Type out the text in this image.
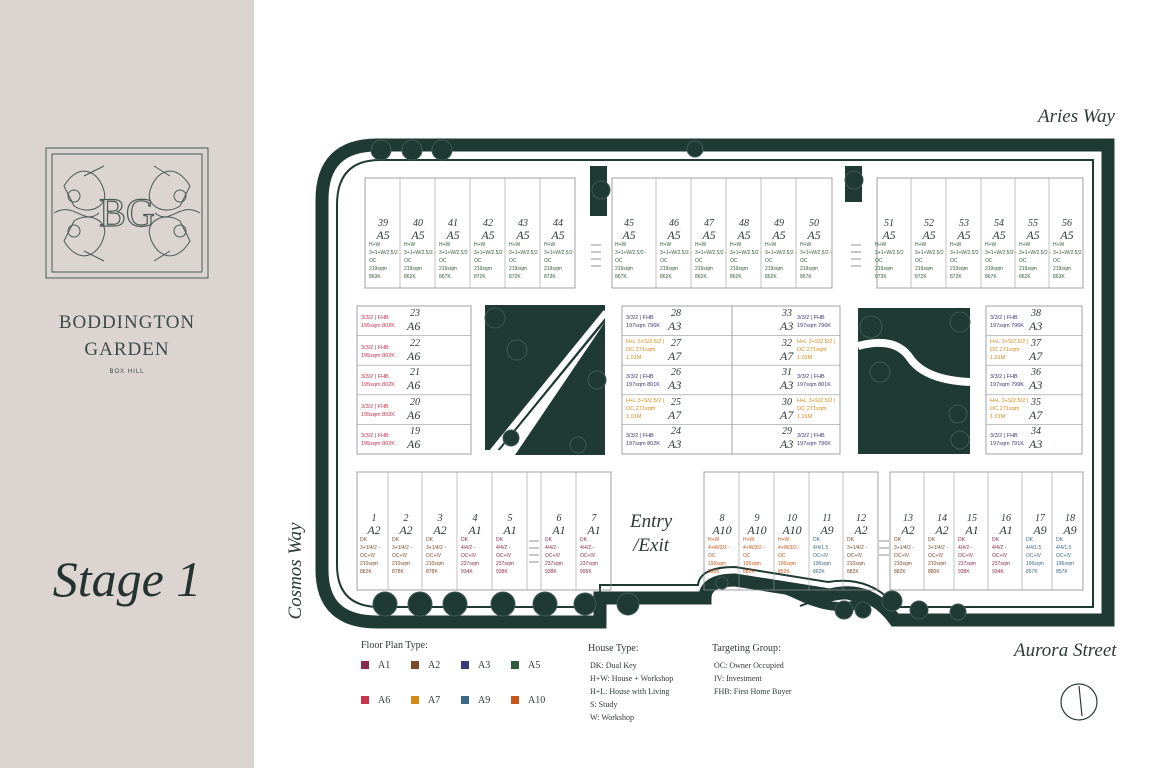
BG
BODDINGTON
GARDEN
BOX HILL
Stage 1
Aries Way
Aurora Street
Cosmos Way
Entry
/Exit
39
A5
H+W
3+1+W/2.5/2
OC
219sqm
863K
40
A5
H+W
3+1+W/2.5/2 -
OC
219sqm
862K
41
A5
H+W
3+1+W/2.5/2
OC
219sqm
867K
42
A5
H+W
3+1+W/2.5/2
OC
219sqm
872K
43
A5
H+W
3+1+W/2.5/2
OC
219sqm
872K
44
A5
H+W
3+1+W/2.5/2
OC
219sqm
873K
45
A5
H+W
3+1+W/2.5/2 -
OC
219sqm
867K
46
A5
H+W
3+1+W/2.5/2 -
OC
219sqm
862K
47
A5
H+W
3+1+W/2.5/2 -
OC
219sqm
862K
48
A5
H+W
3+1+W/2.5/2 -
OC
219sqm
862K
49
A5
H+W
3+1+W/2.5/2 -
OC
219sqm
862K
50
A5
H+W
3+1+W/2.5/2 -
OC
219sqm
867K
51
A5
H+W
3+1+W/2.5/2
OC
219sqm
873K
52
A5
H+W
3+1+W/2.5/2
OC
219sqm
872K
53
A5
H+W
3+1+W/2.5/2
OC
219sqm
872K
54
A5
H+W
3+1+W/2.5/2 -
OC
219sqm
867K
55
A5
H+W
3+1+W/2.5/2 -
OC
219sqm
862K
56
A5
H+W
3+1+W/2.5/2
OC
219sqm
863K
3/3/2 | FHB
195sqm 802K
23
A6
3/3/2 | FHB
195sqm 802K
22
A6
3/3/2 | FHB
195sqm 802K
21
A6
3/3/2 | FHB
195sqm 802K
20
A6
3/3/2 | FHB
195sqm 802K
19
A6
3/3/2 | FHB
197sqm 796K
28
A3
H+L 3+S/2.5/2 |
OC 271sqm
1.01M
27
A7
3/3/2 | FHB
197sqm 801K
26
A3
H+L 3+S/2.5/2 |
OC 271sqm
1.01M
25
A7
3/3/2 | FHB
197sqm 802K
24
A3
3/3/2 | FHB
197sqm 796K
33
A3
H+L 3+S/2.5/2 |
OC 271sqm
1.01M
32
A7
3/3/2 | FHB
197sqm 801K
31
A3
H+L 3+S/2.5/2 |
OC 271sqm
1.01M
30
A7
3/3/2 | FHB
197sqm 796K
29
A3
3/3/2 | FHB
197sqm 796K
38
A3
H+L 3+S/2.5/2 |
OC 271sqm
1.01M
37
A7
3/3/2 | FHB
197sqm 799K
36
A3
H+L 3+S/2.5/2 |
OC 271sqm
1.01M
35
A7
3/3/2 | FHB
197sqm 791K
34
A3
1
A2
DK
3+1/4/2 -
OC+IV
210sqm
882K
2
A2
DK
3+1/4/2 -
OC+IV
210sqm
878K
3
A2
DK
3+1/4/2 -
OC+IV
210sqm
878K
4
A1
DK
4/4/2 -
OC+IV
237sqm
934K
5
A1
DK
4/4/2 -
OC+IV
237sqm
938K
6
A1
DK
4/4/2 -
OC+IV
237sqm
938K
7
A1
DK
4/4/2 -
OC+IV
237sqm
995K
8
A10
H+W
4+W/3/2 -
OC
195sqm
893K
9
A10
H+W
4+W/3/2 -
OC
195sqm
882K
10
A10
H+W
4+W/3/2 -
OC
195sqm
852K
11
A9
DK
4/4/1.5
OC+IV
196sqm
862K
12
A2
DK
3+1/4/2 -
OC+IV
210sqm
882K
13
A2
DK
3+1/4/2 -
OC+IV
210sqm
882K
14
A2
DK
3+1/4/2 -
OC+IV
210sqm
880K
15
A1
DK
4/4/2 -
OC+IV
237sqm
938K
16
A1
DK
4/4/2 -
OC+IV
237sqm
934K
17
A9
DK
4/4/1.5
OC+IV
196sqm
857K
18
A9
DK
4/4/1.5
OC+IV
196sqm
857K
Floor Plan Type:
A1	A2	A3	A5
A6	A7	A9	A10
House Type:
DK: Dual Key
H+W: House + Workshop
H+L: House with Living
S: Study
W: Workshop
Targeting Group:
OC: Owner Occupied
IV: Investment
FHB: First Home Buyer
